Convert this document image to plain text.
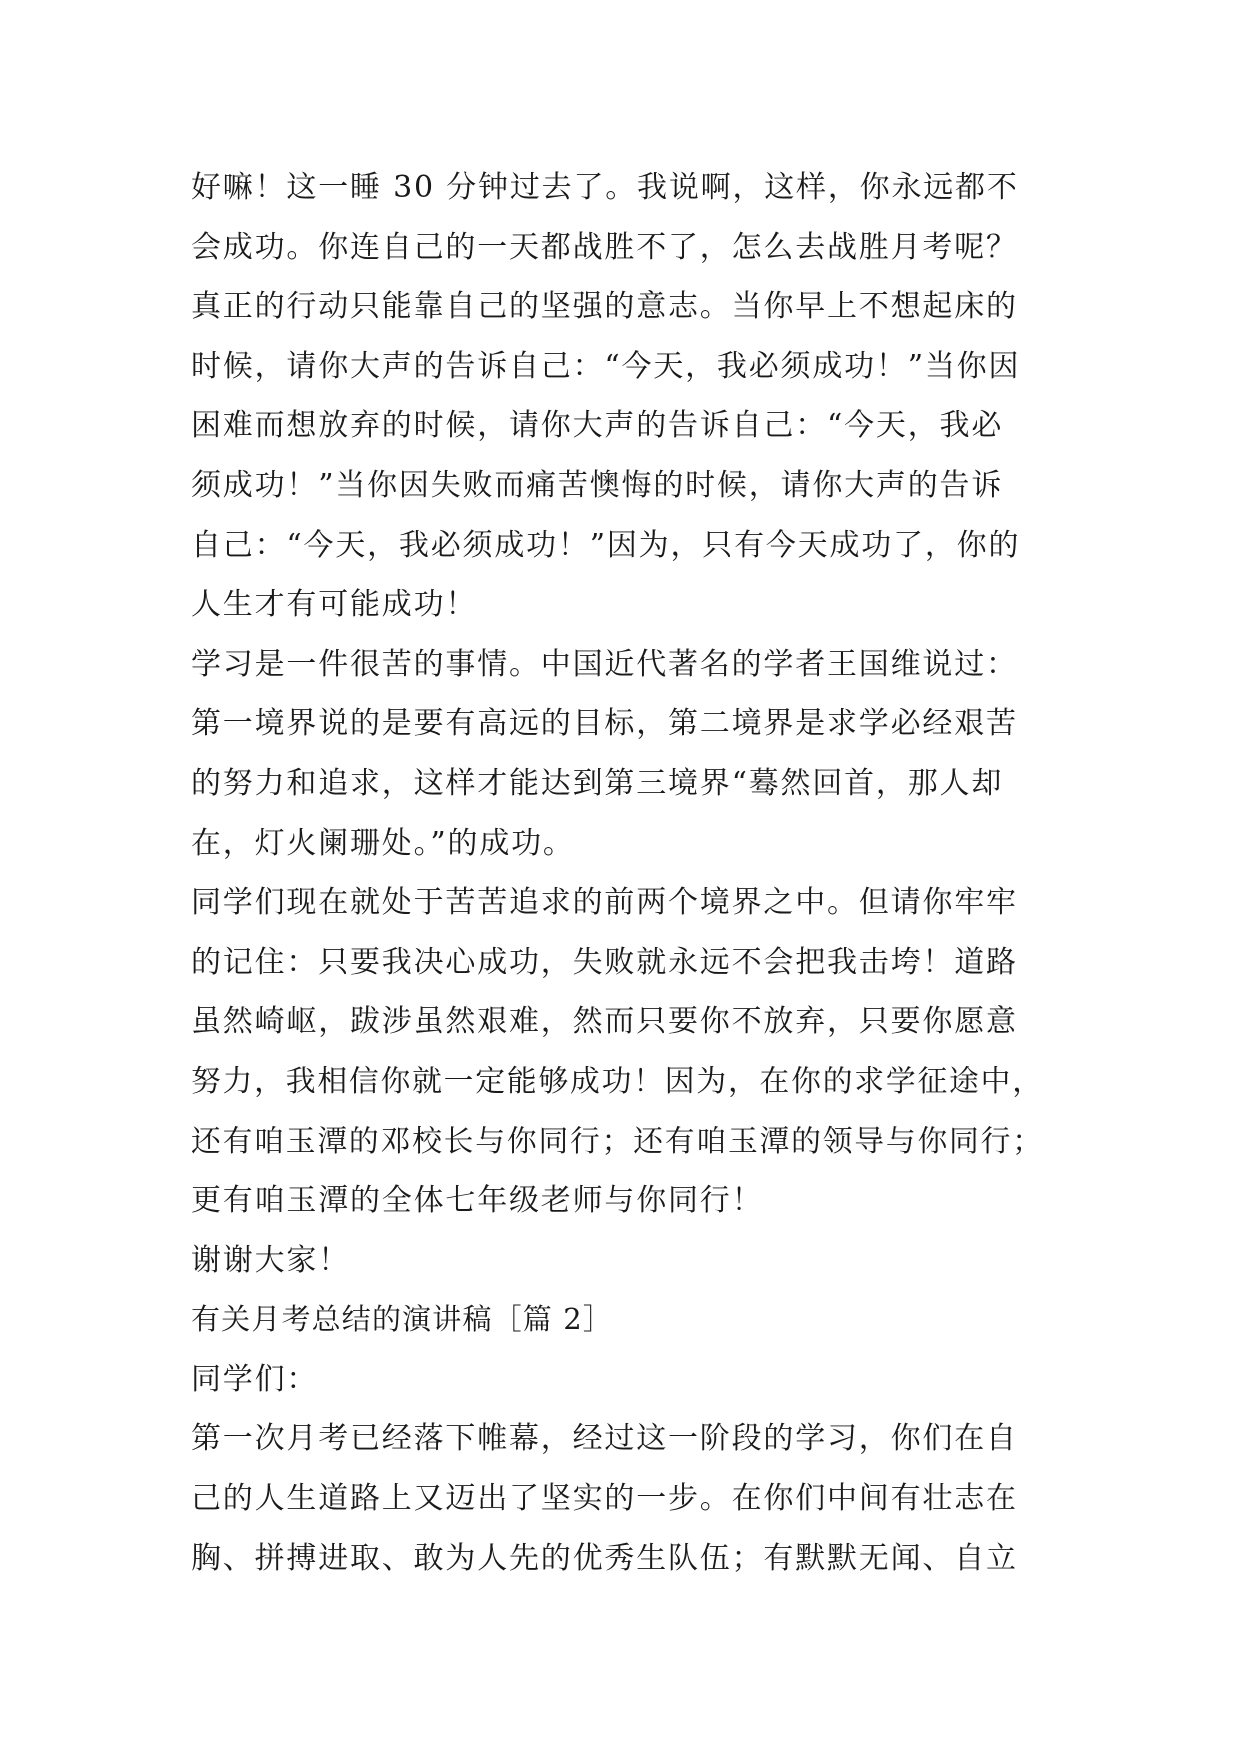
好嘛！这一睡 30 分钟过去了。我说啊，这样，你永远都不
会成功。你连自己的一天都战胜不了，怎么去战胜月考呢？
真正的行动只能靠自己的坚强的意志。当你早上不想起床的
时候，请你大声的告诉自己：“今天，我必须成功！”当你因
困难而想放弃的时候，请你大声的告诉自己：“今天，我必
须成功！”当你因失败而痛苦懊悔的时候，请你大声的告诉
自己：“今天，我必须成功！”因为，只有今天成功了，你的
人生才有可能成功！
学习是一件很苦的事情。中国近代著名的学者王国维说过：
第一境界说的是要有高远的目标，第二境界是求学必经艰苦
的努力和追求，这样才能达到第三境界“蓦然回首，那人却
在，灯火阑珊处。”的成功。
同学们现在就处于苦苦追求的前两个境界之中。但请你牢牢
的记住：只要我决心成功，失败就永远不会把我击垮！道路
虽然崎岖，跋涉虽然艰难，然而只要你不放弃，只要你愿意
努力，我相信你就一定能够成功！因为，在你的求学征途中，
还有咱玉潭的邓校长与你同行；还有咱玉潭的领导与你同行；
更有咱玉潭的全体七年级老师与你同行！
谢谢大家！
有关月考总结的演讲稿［篇 2］
同学们：
第一次月考已经落下帷幕，经过这一阶段的学习，你们在自
己的人生道路上又迈出了坚实的一步。在你们中间有壮志在
胸、拼搏进取、敢为人先的优秀生队伍；有默默无闻、自立
